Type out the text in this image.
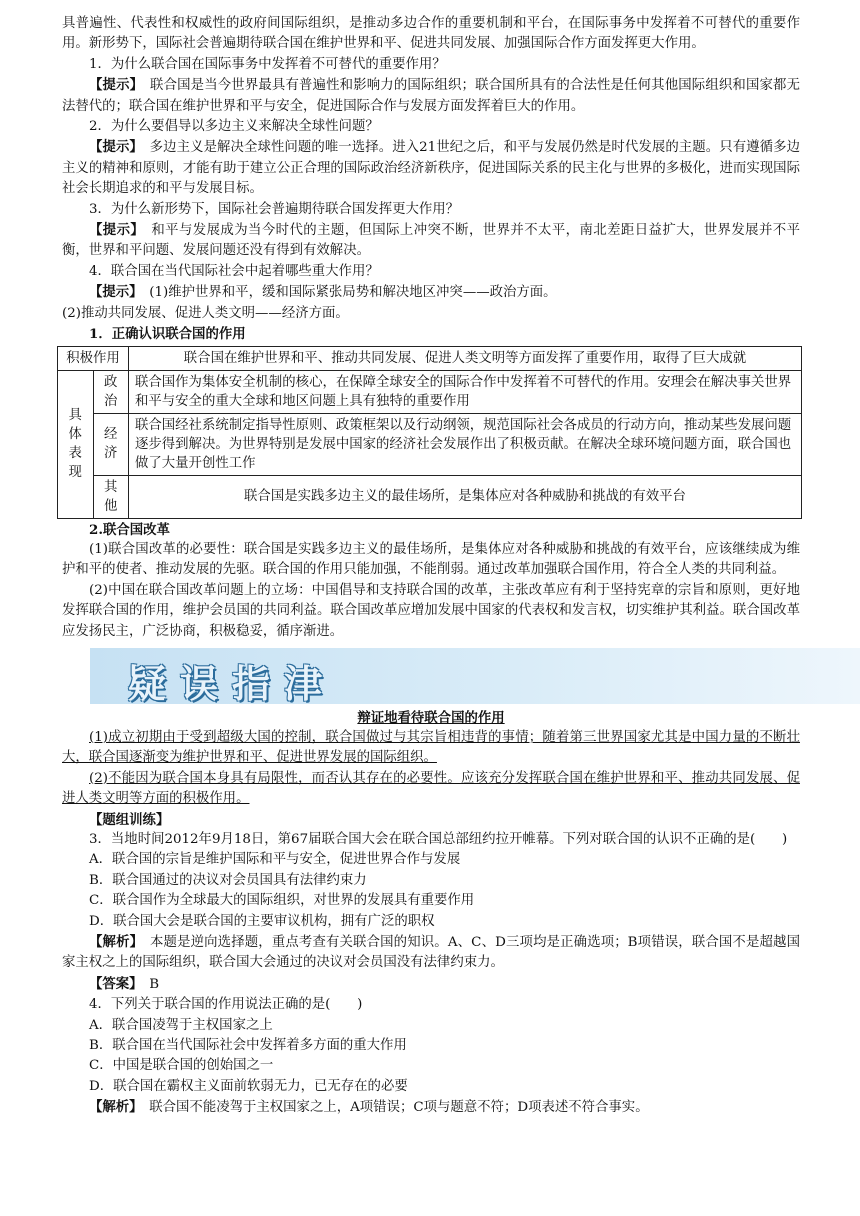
具普遍性、代表性和权威性的政府间国际组织，是推动多边合作的重要机制和平台，在国际事务中发挥着不可替代的重要作用。新形势下，国际社会普遍期待联合国在维护世界和平、促进共同发展、加强国际合作方面发挥更大作用。

1．为什么联合国在国际事务中发挥着不可替代的重要作用？

【提示】　联合国是当今世界最具有普遍性和影响力的国际组织；联合国所具有的合法性是任何其他国际组织和国家都无法替代的；联合国在维护世界和平与安全，促进国际合作与发展方面发挥着巨大的作用。

2．为什么要倡导以多边主义来解决全球性问题？

【提示】　多边主义是解决全球性问题的唯一选择。进入21世纪之后，和平与发展仍然是时代发展的主题。只有遵循多边主义的精神和原则，才能有助于建立公正合理的国际政治经济新秩序，促进国际关系的民主化与世界的多极化，进而实现国际社会长期追求的和平与发展目标。

3．为什么新形势下，国际社会普遍期待联合国发挥更大作用？

【提示】　和平与发展成为当今时代的主题，但国际上冲突不断，世界并不太平，南北差距日益扩大，世界发展并不平衡，世界和平问题、发展问题还没有得到有效解决。

4．联合国在当代国际社会中起着哪些重大作用？

【提示】　(1)维护世界和平，缓和国际紧张局势和解决地区冲突——政治方面。

(2)推动共同发展、促进人类文明——经济方面。

1．正确认识联合国的作用

积极作用		联合国在维护世界和平、推动共同发展、促进人类文明等方面发挥了重要作用，取得了巨大成就
具体表现	政治	联合国作为集体安全机制的核心，在保障全球安全的国际合作中发挥着不可替代的作用。安理会在解决事关世界和平与安全的重大全球和地区问题上具有独特的重要作用
	经济	联合国经社系统制定指导性原则、政策框架以及行动纲领，规范国际社会各成员的行动方向，推动某些发展问题逐步得到解决。为世界特别是发展中国家的经济社会发展作出了积极贡献。在解决全球环境问题方面，联合国也做了大量开创性工作
	其他	联合国是实践多边主义的最佳场所，是集体应对各种威胁和挑战的有效平台

2.联合国改革

(1)联合国改革的必要性：联合国是实践多边主义的最佳场所，是集体应对各种威胁和挑战的有效平台，应该继续成为维护和平的使者、推动发展的先驱。联合国的作用只能加强，不能削弱。通过改革加强联合国作用，符合全人类的共同利益。

(2)中国在联合国改革问题上的立场：中国倡导和支持联合国的改革，主张改革应有利于坚持宪章的宗旨和原则，更好地发挥联合国的作用，维护会员国的共同利益。联合国改革应增加发展中国家的代表权和发言权，切实维护其利益。联合国改革应发扬民主，广泛协商，积极稳妥，循序渐进。

疑误指津

辩证地看待联合国的作用

(1)成立初期由于受到超级大国的控制，联合国做过与其宗旨相违背的事情；随着第三世界国家尤其是中国力量的不断壮大，联合国逐渐变为维护世界和平、促进世界发展的国际组织。

(2)不能因为联合国本身具有局限性，而否认其存在的必要性。应该充分发挥联合国在维护世界和平、推动共同发展、促进人类文明等方面的积极作用。

【题组训练】

3．当地时间2012年9月18日，第67届联合国大会在联合国总部纽约拉开帷幕。下列对联合国的认识不正确的是(　　)

A．联合国的宗旨是维护国际和平与安全，促进世界合作与发展

B．联合国通过的决议对会员国具有法律约束力

C．联合国作为全球最大的国际组织，对世界的发展具有重要作用

D．联合国大会是联合国的主要审议机构，拥有广泛的职权

【解析】　本题是逆向选择题，重点考查有关联合国的知识。A、C、D三项均是正确选项；B项错误，联合国不是超越国家主权之上的国际组织，联合国大会通过的决议对会员国没有法律约束力。

【答案】　B

4．下列关于联合国的作用说法正确的是(　　)

A．联合国凌驾于主权国家之上

B．联合国在当代国际社会中发挥着多方面的重大作用

C．中国是联合国的创始国之一

D．联合国在霸权主义面前软弱无力，已无存在的必要

【解析】　联合国不能凌驾于主权国家之上，A项错误；C项与题意不符；D项表述不符合事实。
